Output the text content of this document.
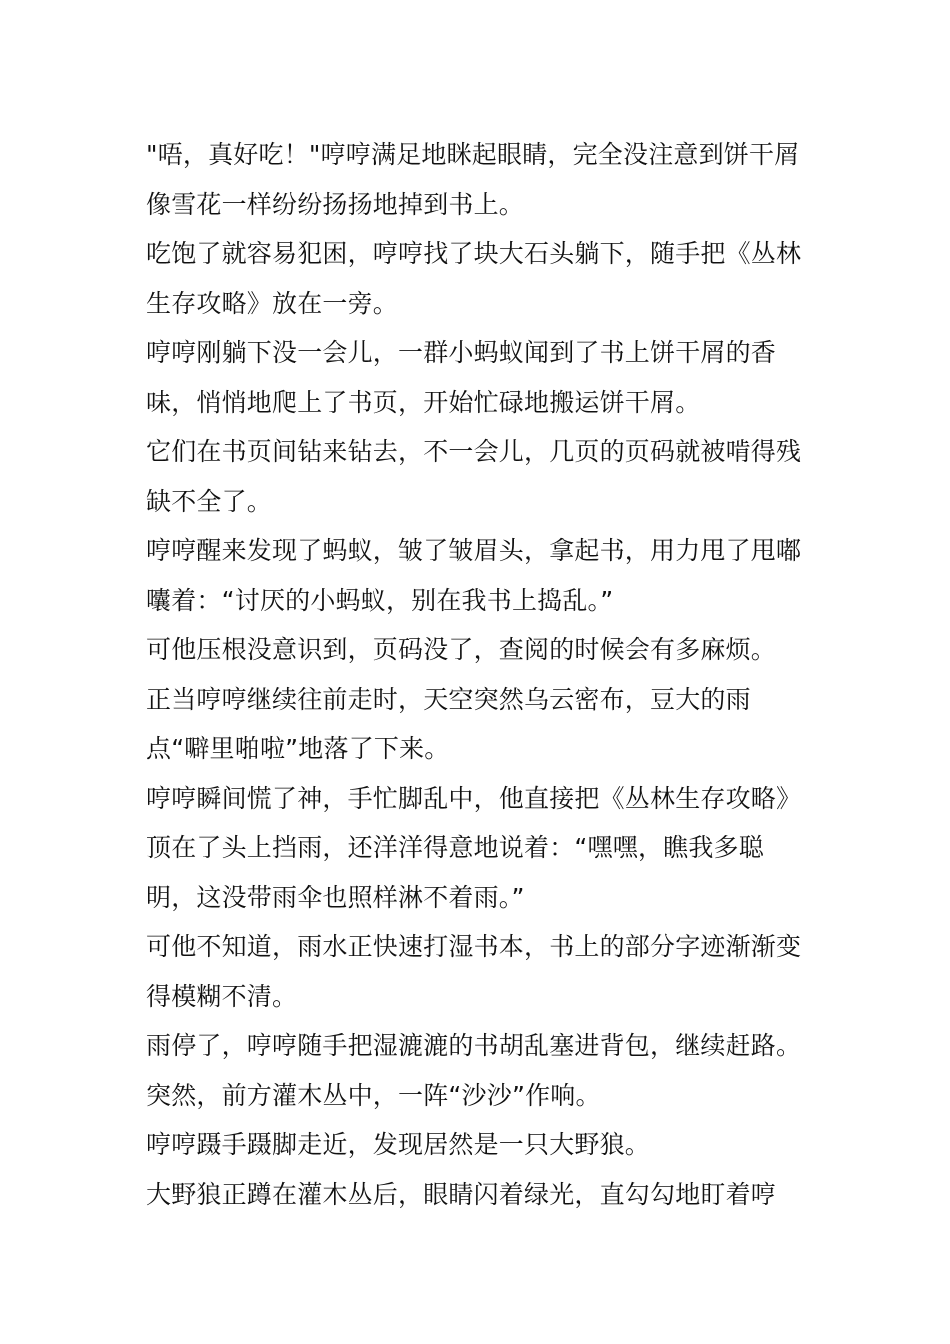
"唔，真好吃！"哼哼满足地眯起眼睛，完全没注意到饼干屑像雪花一样纷纷扬扬地掉到书上。

吃饱了就容易犯困，哼哼找了块大石头躺下，随手把《丛林生存攻略》放在一旁。

哼哼刚躺下没一会儿，一群小蚂蚁闻到了书上饼干屑的香味，悄悄地爬上了书页，开始忙碌地搬运饼干屑。

它们在书页间钻来钻去，不一会儿，几页的页码就被啃得残缺不全了。

哼哼醒来发现了蚂蚁，皱了皱眉头，拿起书，用力甩了甩嘟囔着：“讨厌的小蚂蚁，别在我书上捣乱。”

可他压根没意识到，页码没了，查阅的时候会有多麻烦。

正当哼哼继续往前走时，天空突然乌云密布，豆大的雨点“噼里啪啦”地落了下来。

哼哼瞬间慌了神，手忙脚乱中，他直接把《丛林生存攻略》顶在了头上挡雨，还洋洋得意地说着：“嘿嘿，瞧我多聪明，这没带雨伞也照样淋不着雨。”

可他不知道，雨水正快速打湿书本，书上的部分字迹渐渐变得模糊不清。

雨停了，哼哼随手把湿漉漉的书胡乱塞进背包，继续赶路。

突然，前方灌木丛中，一阵“沙沙”作响。

哼哼蹑手蹑脚走近，发现居然是一只大野狼。

大野狼正蹲在灌木丛后，眼睛闪着绿光，直勾勾地盯着哼
